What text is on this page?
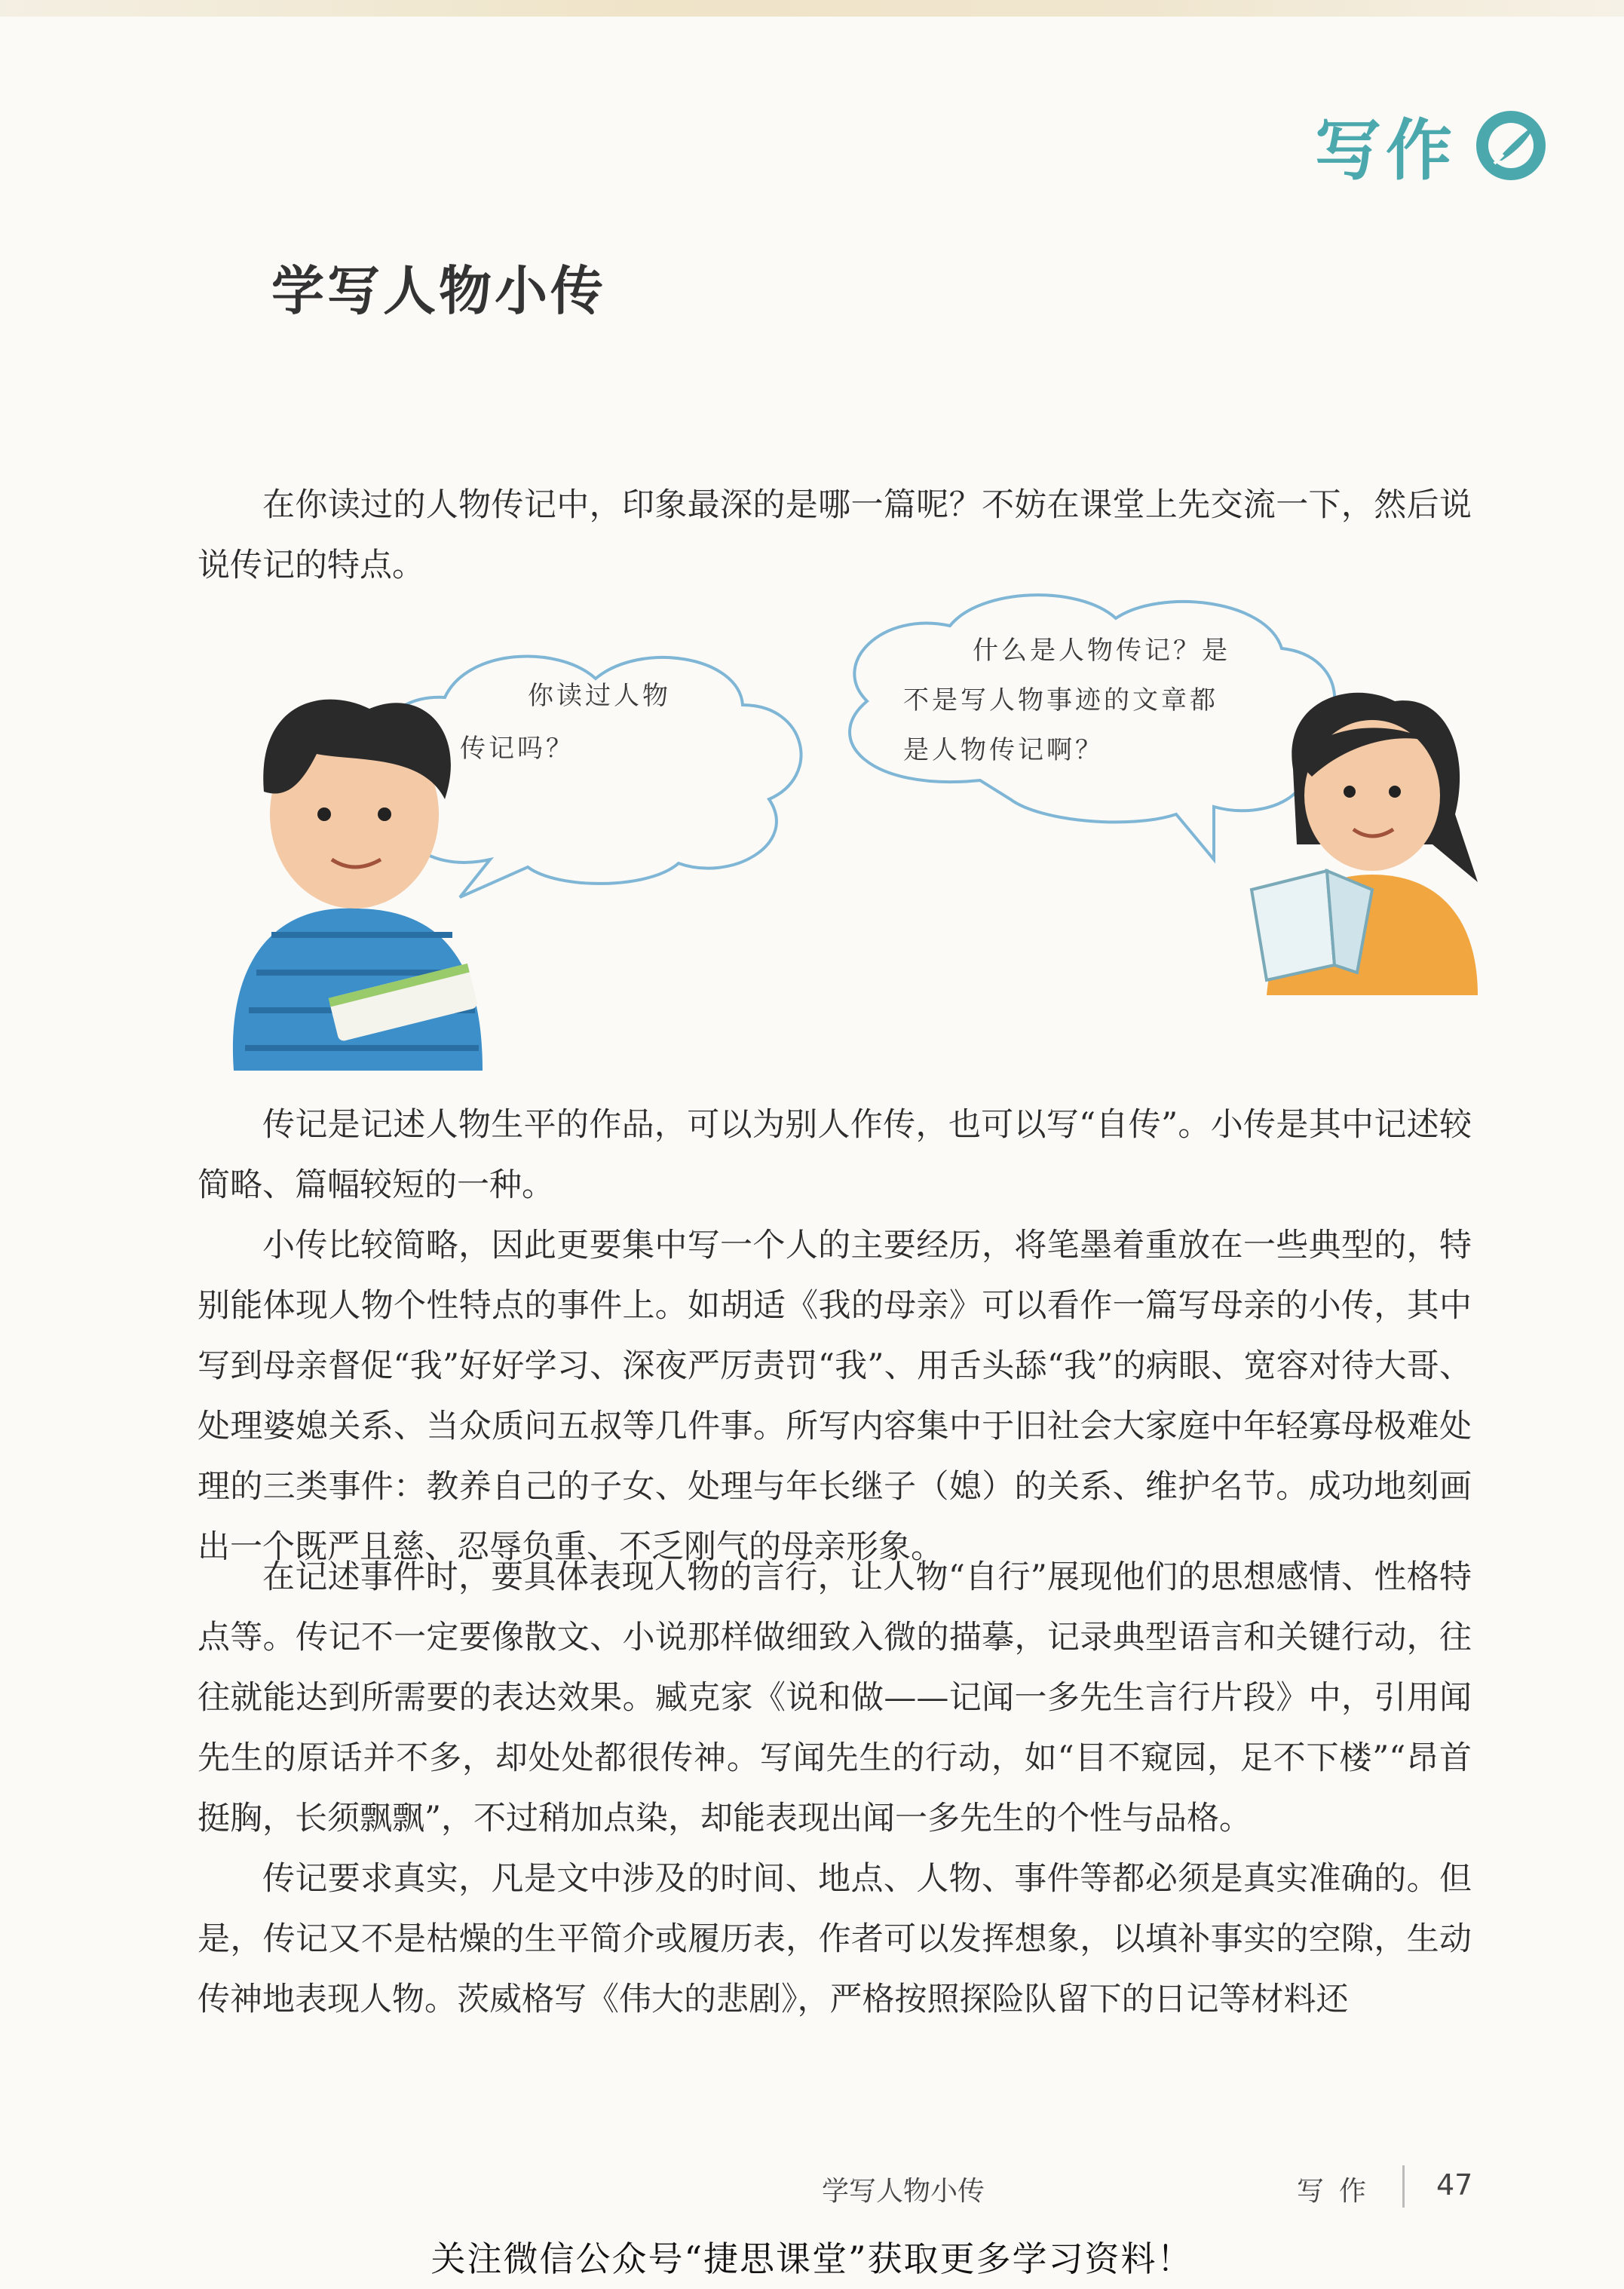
写作
学写人物小传

在你读过的人物传记中，印象最深的是哪一篇呢？不妨在课堂上先交流一下，然后说说传记的特点。

你读过人物
传记吗？
什么是人物传记？是
不是写人物事迹的文章都
是人物传记啊？

传记是记述人物生平的作品，可以为别人作传，也可以写“自传”。小传是其中记述较简略、篇幅较短的一种。

小传比较简略，因此更要集中写一个人的主要经历，将笔墨着重放在一些典型的，特别能体现人物个性特点的事件上。如胡适《我的母亲》可以看作一篇写母亲的小传，其中写到母亲督促“我”好好学习、深夜严厉责罚“我”、用舌头舔“我”的病眼、宽容对待大哥、处理婆媳关系、当众质问五叔等几件事。所写内容集中于旧社会大家庭中年轻寡母极难处理的三类事件：教养自己的子女、处理与年长继子（媳）的关系、维护名节。成功地刻画出一个既严且慈、忍辱负重、不乏刚气的母亲形象。

在记述事件时，要具体表现人物的言行，让人物“自行”展现他们的思想感情、性格特点等。传记不一定要像散文、小说那样做细致入微的描摹，记录典型语言和关键行动，往往就能达到所需要的表达效果。臧克家《说和做——记闻一多先生言行片段》中，引用闻先生的原话并不多，却处处都很传神。写闻先生的行动，如“目不窥园，足不下楼”“昂首挺胸，长须飘飘”，不过稍加点染，却能表现出闻一多先生的个性与品格。

传记要求真实，凡是文中涉及的时间、地点、人物、事件等都必须是真实准确的。但是，传记又不是枯燥的生平简介或履历表，作者可以发挥想象，以填补事实的空隙，生动传神地表现人物。茨威格写《伟大的悲剧》，严格按照探险队留下的日记等材料还

学写人物小传	写作 47
关注微信公众号“捷思课堂”获取更多学习资料！
